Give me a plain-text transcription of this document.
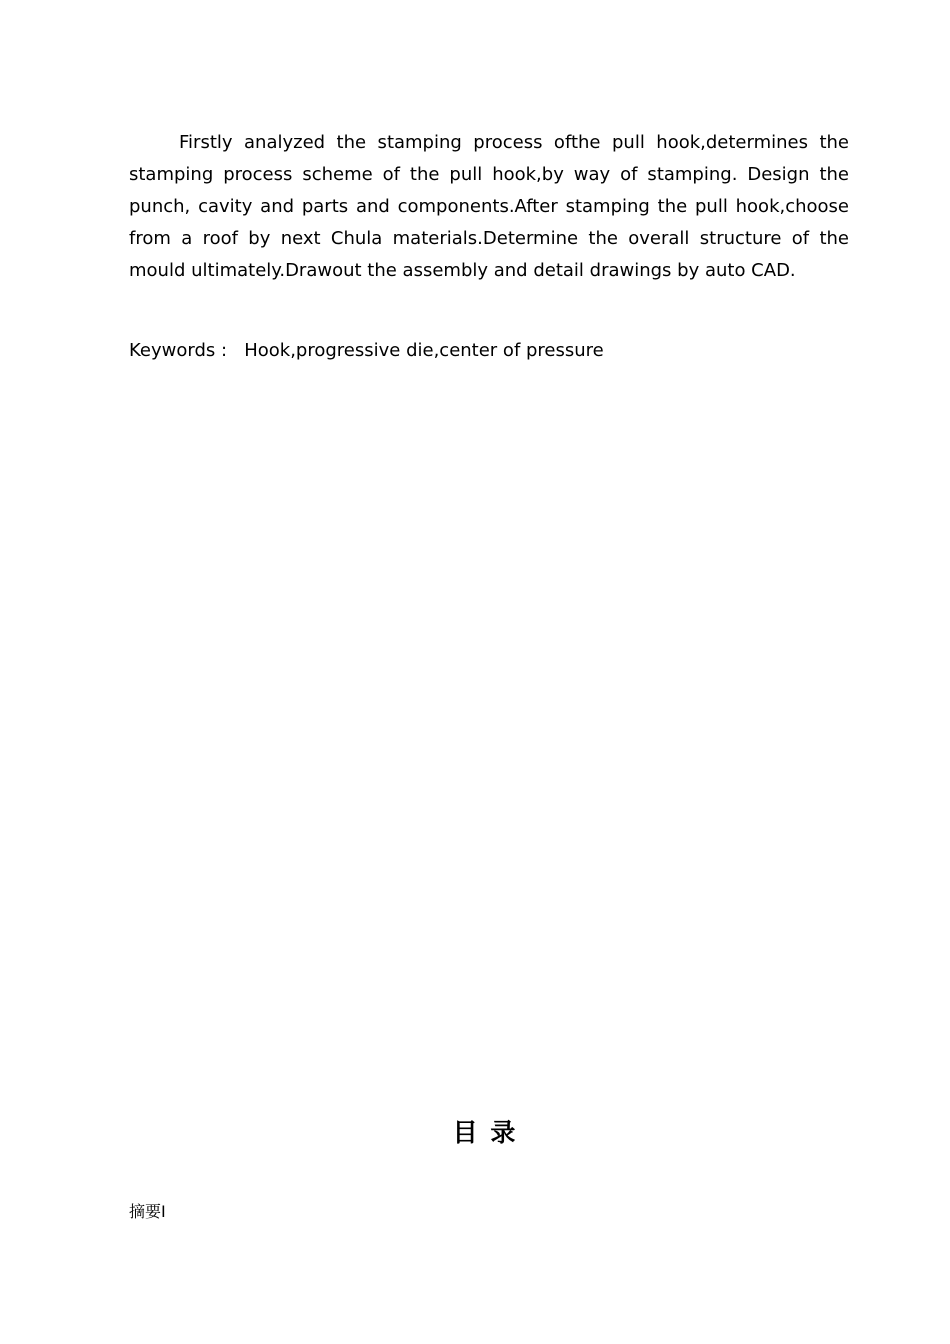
Firstly analyzed the stamping process ofthe pull hook,determines the stamping process scheme of the pull hook,by way of stamping. Design the punch, cavity and parts and components.After stamping the pull hook,choose from a roof by next Chula materials.Determine the overall structure of the mould ultimately.Drawout the assembly and detail drawings by auto CAD.

Keywords :   Hook,progressive die,center of pressure
目 录
摘要I
